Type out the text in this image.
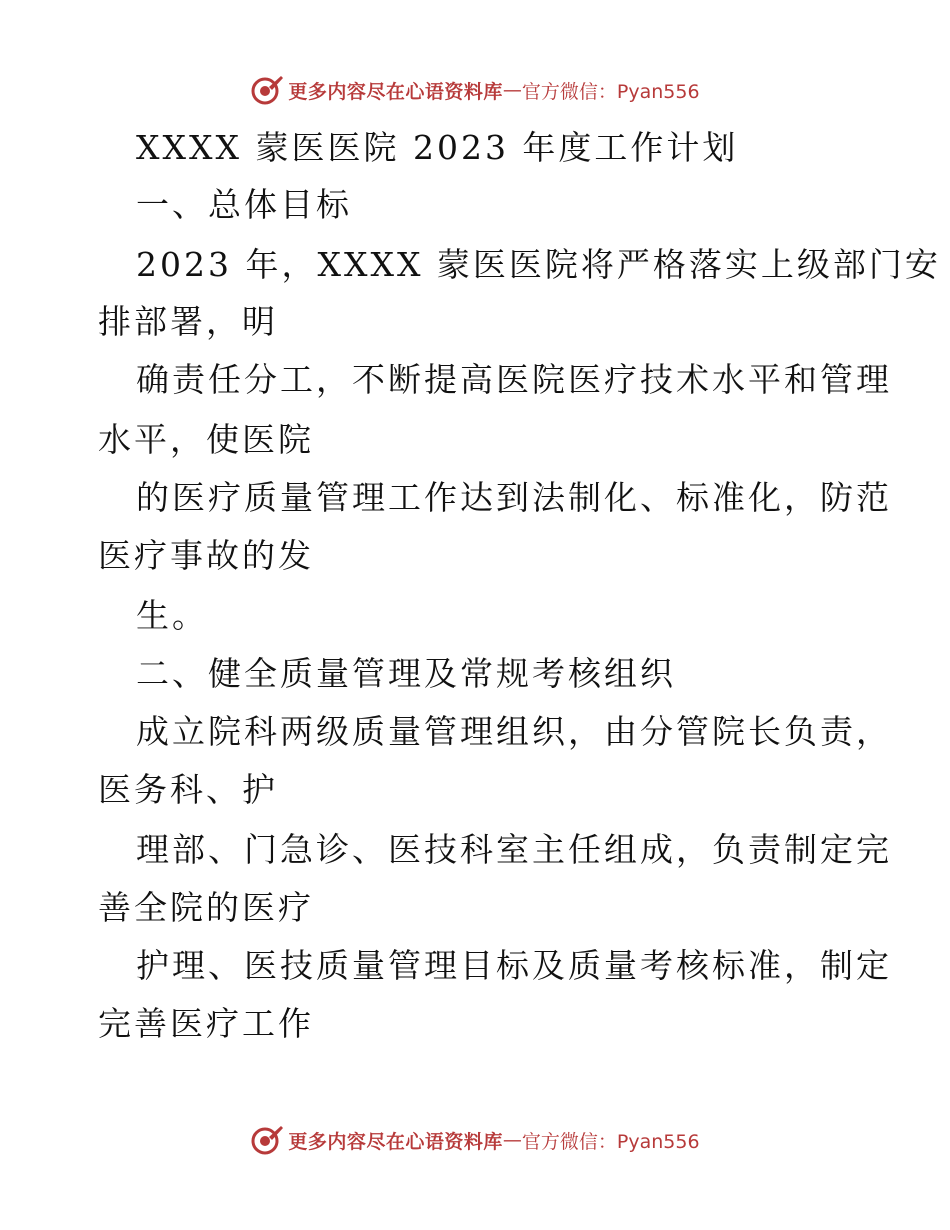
更多内容尽在心语资料库 — 官方微信：Pyan556
XXXX 蒙医医院 2023 年度工作计划
一、总体目标
2023 年，XXXX 蒙医医院将严格落实上级部门安
排部署，明
确责任分工，不断提高医院医疗技术水平和管理
水平，使医院
的医疗质量管理工作达到法制化、标准化，防范
医疗事故的发
生。
二、健全质量管理及常规考核组织
成立院科两级质量管理组织，由分管院长负责，
医务科、护
理部、门急诊、医技科室主任组成，负责制定完
善全院的医疗
护理、医技质量管理目标及质量考核标准，制定
完善医疗工作
更多内容尽在心语资料库 — 官方微信：Pyan556
